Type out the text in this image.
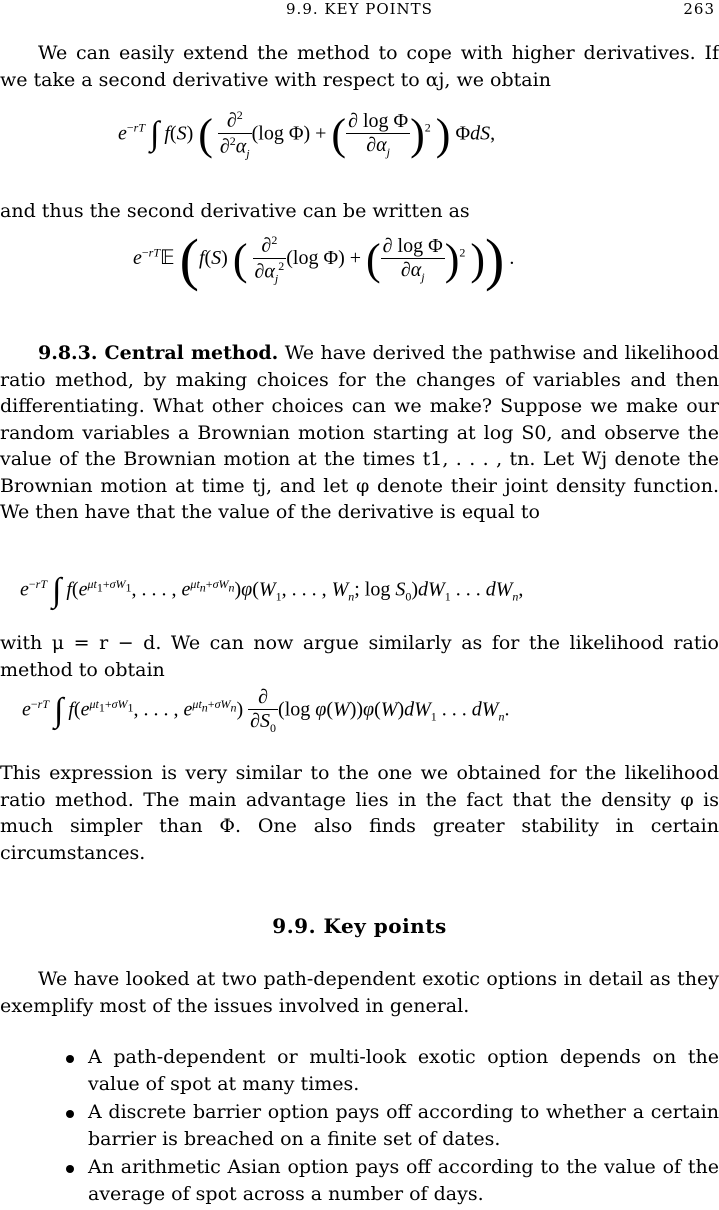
9.9. KEY POINTS	263

We can easily extend the method to cope with higher derivatives. If we take a second derivative with respect to αj, we obtain

$e^{-rT}$ ∫ f(S) ( $\frac{\partial^2}{\partial^2\alpha_j} (\log$ Φ) + ( $\frac{\text{∂ log Φ}}{\partial\alpha_j} )^2$ ) ΦdS,

and thus the second derivative can be written as

$e^{-rT}𝔼$ (f(S) ( $\frac{\partial^2}{\partial\alpha_j^2} (\log$ Φ) + ( $\frac{\text{∂ log Φ}}{\partial\alpha_j} )^2$ )) .

9.8.3. Central method. We have derived the pathwise and likelihood ratio method, by making choices for the changes of variables and then differentiating. What other choices can we make? Suppose we make our random variables a Brownian motion starting at log S0, and observe the value of the Brownian motion at the times t1, . . . , tn. Let Wj denote the Brownian motion at time tj, and let φ denote their joint density function. We then have that the value of the derivative is equal to

$e^{-rT}$ ∫ $f(e^{\mu t_1+\sigma W_1}$, . . . , $e^{\mu t_n+\sigma W_n})\varphi(W_1$, . . . , $W_n$; $\log S_0)dW_1$ . . . $dW_n$,

with μ = r − d. We can now argue similarly as for the likelihood ratio method to obtain

$e^{-rT}$ ∫ $f(e^{\mu t_1+\sigma W_1}$, . . . , $e^{\mu t_n+\sigma W_n}) \frac{\partial}{\partial S_0} (\log$ $\varphi(W))\varphi(W)dW_1$ . . . $dW_n$.

This expression is very similar to the one we obtained for the likelihood ratio method. The main advantage lies in the fact that the density φ is much simpler than Φ. One also finds greater stability in certain circumstances.

9.9. Key points

We have looked at two path-dependent exotic options in detail as they exemplify most of the issues involved in general.

A path-dependent or multi-look exotic option depends on the value of spot at many times.
A discrete barrier option pays off according to whether a certain barrier is breached on a finite set of dates.
An arithmetic Asian option pays off according to the value of the average of spot across a number of days.
